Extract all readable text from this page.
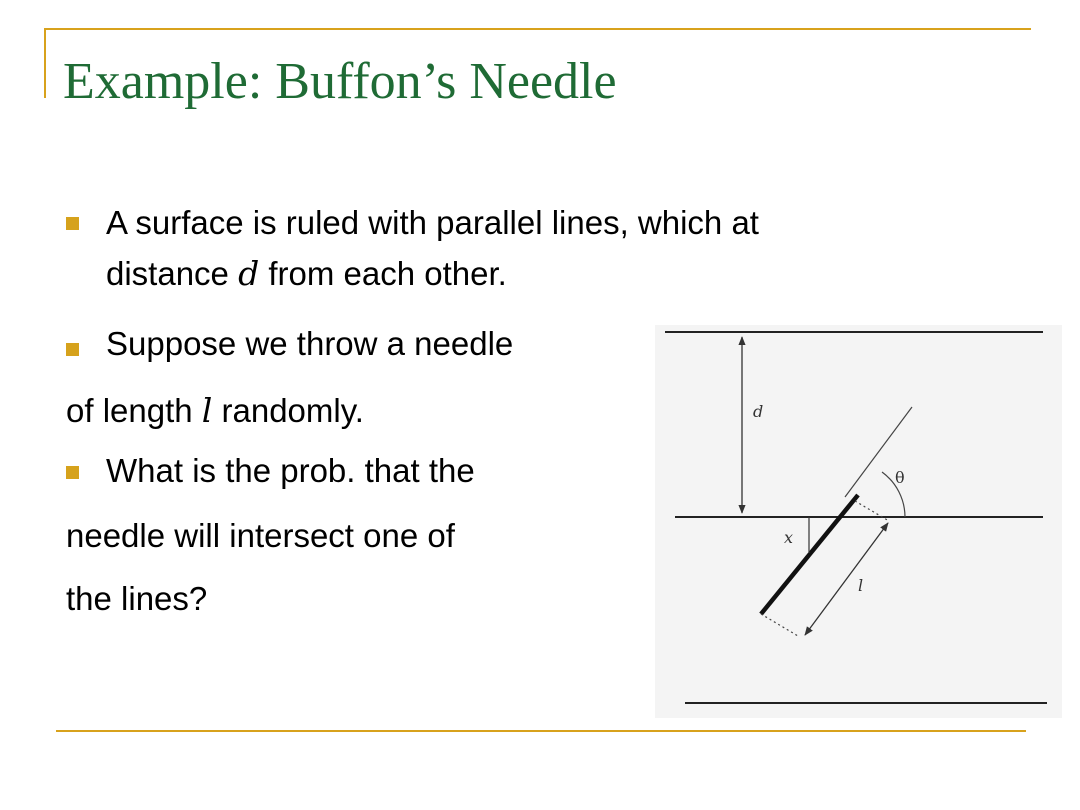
Example: Buffon’s Needle
A surface is ruled with parallel lines, which at
distance d from each other.
Suppose we throw a needle
of length l randomly.
What is the prob. that the
needle will intersect one of
the lines?
d
θ
x
l
